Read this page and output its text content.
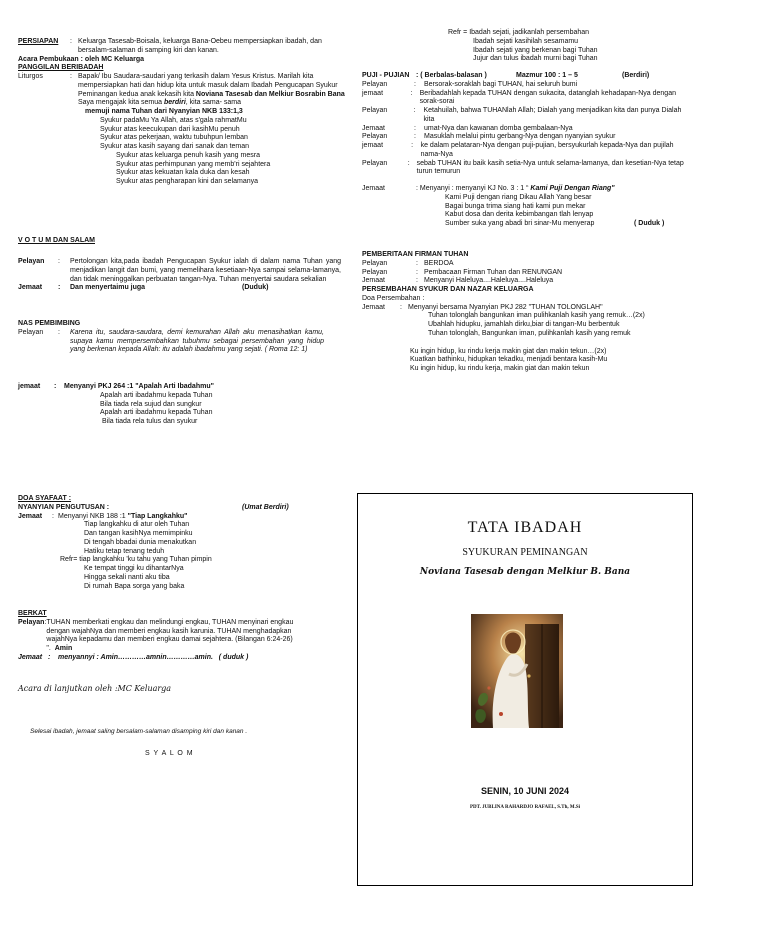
PERSIAPAN	: Keluarga Tasesab-Boisala, keluarga Bana-Oebeu mempersiapkan ibadah, dan bersalam-salaman di samping kiri dan kanan.
Acara Pembukaan : oleh MC Keluarga
PANGGILAN BERIBADAH
Liturgos	: Bapak/ Ibu Saudara-saudari yang terkasih dalam Yesus Kristus. Marilah kita mempersiapkan hati dan hidup kita untuk masuk dalam Ibadah Pengucapan Syukur Peminangan kedua anak kekasih kita Noviana Tasesab dan Melkiur Bosrabin Bana
Saya mengajak kita semua berdiri, kita sama- sama
memuji nama Tuhan dari Nyanyian NKB 133:1,3
Syukur padaMu Ya Allah, atas s'gala rahmatMu
Syukur atas keecukupan dari kasihMu penuh
Syukur atas pekerjaan, waktu tubuhpun lemban
Syukur atas kasih sayang dari sanak dan teman
Syukur atas keluarga penuh kasih yang mesra
Syukur atas perhimpunan yang memb'ri sejahtera
Syukur atas kekuatan kala duka dan kesah
Syukur atas pengharapan kini dan selamanya
V O T U M DAN SALAM
Pelayan	:	Pertolongan kita,pada ibadah Pengucapan Syukur ialah di dalam nama Tuhan yang menjadikan langit dan bumi, yang memelihara kesetiaan-Nya sampai selama-lamanya, dan tidak meninggalkan perbuatan tangan-Nya. Tuhan menyertai saudara sekalian
Jemaat	:	Dan menyertaimu juga	(Duduk)
NAS PEMBIMBING
Pelayan	:	Karena itu, saudara-saudara, demi kemurahan Allah aku menasihatkan kamu, supaya kamu mempersembahkan tubuhmu sebagai persembahan yang hidup yang berkenan kepada Allah: itu adalah ibadahmu yang sejati. ( Roma 12: 1)
jemaat	:	Menyanyi PKJ 264 :1 "Apalah Arti Ibadahmu"
Apalah arti ibadahmu kepada Tuhan
Bila tiada rela sujud dan sungkur
Apalah arti ibadahmu kepada Tuhan
Bila tiada rela tulus dan syukur
Refr = Ibadah sejati, jadikanlah persembahan
Ibadah sejati kasihilah sesamamu
Ibadah sejati yang berkenan bagi Tuhan
Jujur dan tulus ibadah murni bagi Tuhan
PUJI - PUJIAN : ( Berbalas-balasan )	Mazmur 100 : 1 – 5	(Berdiri)
Pelayan	:	Bersorak-soraklah bagi TUHAN, hai seluruh bumi
jemaat	:	Beribadahlah kepada TUHAN dengan sukacita, datanglah kehadapan-Nya dengan sorak-sorai
Pelayan	:	Ketahuilah, bahwa TUHANlah Allah; Dialah yang menjadikan kita dan punya Dialah kita
Jemaat	:	umat-Nya dan kawanan domba gembalaan-Nya
Pelayan	:	Masuklah melalui pintu gerbang-Nya dengan nyanyian syukur
jemaat	:	ke dalam pelataran-Nya dengan puji-pujian, bersyukurlah kepada-Nya dan pujilah nama-Nya
Pelayan	: sebab TUHAN itu baik kasih setia-Nya untuk selama-lamanya, dan kesetian-Nya tetap turun temurun
Jemaat	: Menyanyi : menyanyi KJ No. 3 : 1 “ Kami Puji Dengan Riang"
Kami Puji dengan riang Dikau Allah Yang besar
Bagai bunga trima siang hati kami pun mekar
Kabut dosa dan derita kebimbangan tlah lenyap
Sumber suka yang abadi bri sinar-Mu menyerap	( Duduk )
PEMBERITAAN FIRMAN TUHAN
Pelayan	: BERDOA
Pelayan	: Pembacaan Firman Tuhan dan RENUNGAN
Jemaat	: Menyanyi Haleluya....Haleluya....Haleluya
PERSEMBAHAN SYUKUR DAN NAZAR KELUARGA
Doa Persembahan :
Jemaat	: Menyanyi bersama Nyanyian PKJ 282 "TUHAN TOLONGLAH"
Tuhan tolonglah bangunkan iman pulihkanlah kasih yang remuk…(2x)
Ubahlah hidupku, jamahlah dirku,biar di tangan-Mu berbentuk
Tuhan tolonglah, Bangunkan iman, pulihkanlah kasih yang remuk
Ku ingin hidup, ku rindu kerja makin giat dan makin tekun…(2x)
Kuatkan bathinku, hidupkan tekadku, menjadi bentara kasih-Mu
Ku ingin hidup, ku rindu kerja, makin giat dan makin tekun
DOA SYAFAAT :
NYANYIAN PENGUTUSAN :	(Umat Berdiri)
Jemaat	: Menyanyi NKB 188 :1 "Tiap Langkahku"
Tiap langkahku di atur oleh Tuhan
Dan tangan kasihNya memimpinku
Di tengah bbadai dunia menakutkan
Hatiku tetap tenang teduh
Refr= tiap langkahku 'ku tahu yang Tuhan pimpin
Ke tempat tinggi ku dihantarNya
Hingga sekali nanti aku tiba
Di rumah Bapa sorga yang baka
BERKAT
Pelayan : TUHAN memberkati engkau dan melindungi engkau, TUHAN menyinari engkau dengan wajahNya dan memberi engkau kasih karunia. TUHAN menghadapkan wajahNya kepadamu dan memberi engkau damai sejahtera. (Bilangan 6:24-26) ". Amin
Jemaat :	menyannyi : Amin…………amnin…………amin.
( duduk )
Acara di lanjutkan oleh :MC Keluarga
Selesai ibadah, jemaat saling bersalam-salaman disamping kiri dan kanan .
S Y A L O M
TATA IBADAH
SYUKURAN PEMINANGAN
Noviana Tasesab dengan Melkiur B. Bana
SENIN, 10 JUNI 2024
PDT. JUBLINA RAHARDJO RAFAEL, S.Th, M.Si
